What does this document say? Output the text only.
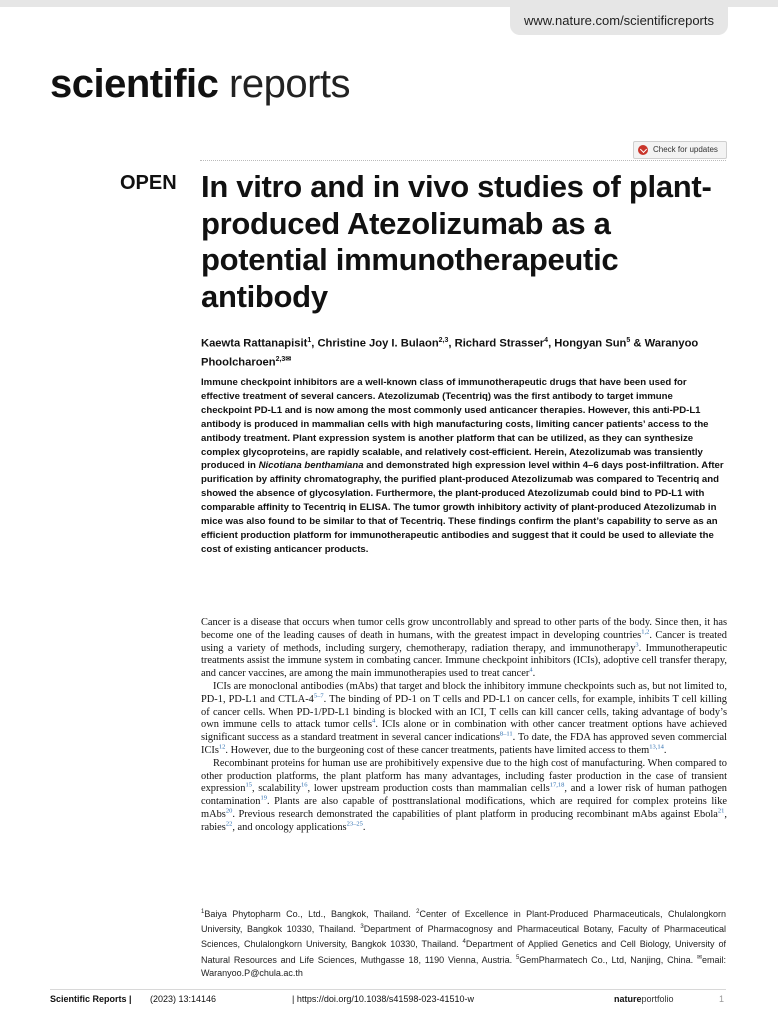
www.nature.com/scientificreports
scientific reports
Check for updates
OPEN In vitro and in vivo studies of plant-produced Atezolizumab as a potential immunotherapeutic antibody

Kaewta Rattanapisit$^1$, Christine Joy I. Bulaon$^{2,3}$, Richard Strasser$^4$, Hongyan Sun$^5$ & Waranyoo Phoolcharoen$^{2,3✉}$

Immune checkpoint inhibitors are a well-known class of immunotherapeutic drugs that have been used for effective treatment of several cancers. Atezolizumab (Tecentriq) was the first antibody to target immune checkpoint PD-L1 and is now among the most commonly used anticancer therapies. However, this anti-PD-L1 antibody is produced in mammalian cells with high manufacturing costs, limiting cancer patients’ access to the antibody treatment. Plant expression system is another platform that can be utilized, as they can synthesize complex glycoproteins, are rapidly scalable, and relatively cost-efficient. Herein, Atezolizumab was transiently produced in Nicotiana benthamiana and demonstrated high expression level within 4–6 days post-infiltration. After purification by affinity chromatography, the purified plant-produced Atezolizumab was compared to Tecentriq and showed the absence of glycosylation. Furthermore, the plant-produced Atezolizumab could bind to PD-L1 with comparable affinity to Tecentriq in ELISA. The tumor growth inhibitory activity of plant-produced Atezolizumab in mice was also found to be similar to that of Tecentriq. These findings confirm the plant’s capability to serve as an efficient production platform for immunotherapeutic antibodies and suggest that it could be used to alleviate the cost of existing anticancer products.

Cancer is a disease that occurs when tumor cells grow uncontrollably and spread to other parts of the body. Since then, it has become one of the leading causes of death in humans, with the greatest impact in developing countries$^{1,2}$. Cancer is treated using a variety of methods, including surgery, chemotherapy, radiation therapy, and immunotherapy$^3$. Immunotherapeutic treatments assist the immune system in combating cancer. Immune checkpoint inhibitors (ICIs), adoptive cell transfer therapy, and cancer vaccines, are among the main immunotherapies used to treat cancer$^4$.

ICIs are monoclonal antibodies (mAbs) that target and block the inhibitory immune checkpoints such as, but not limited to, PD-1, PD-L1 and CTLA-4$^{5-7}$. The binding of PD-1 on T cells and PD-L1 on cancer cells, for example, inhibits T cell killing of cancer cells. When PD-1/PD-L1 binding is blocked with an ICI, T cells can kill cancer cells, taking advantage of body’s own immune cells to attack tumor cells$^4$. ICIs alone or in combination with other cancer treatment options have achieved significant success as a standard treatment in several cancer indications$^{8-11}$. To date, the FDA has approved seven commercial ICIs$^{12}$. However, due to the burgeoning cost of these cancer treatments, patients have limited access to them$^{13,14}$.

Recombinant proteins for human use are prohibitively expensive due to the high cost of manufacturing. When compared to other production platforms, the plant platform has many advantages, including faster production in the case of transient expression$^{15}$, scalability$^{16}$, lower upstream production costs than mammalian cells$^{17,18}$, and a lower risk of human pathogen contamination$^{19}$. Plants are also capable of posttranslational modifications, which are required for complex proteins like mAbs$^{20}$. Previous research demonstrated the capabilities of plant platform in producing recombinant mAbs against Ebola$^{21}$, rabies$^{22}$, and oncology applications$^{23-25}$.

$^1$Baiya Phytopharm Co., Ltd., Bangkok, Thailand. $^2$Center of Excellence in Plant-Produced Pharmaceuticals, Chulalongkorn University, Bangkok 10330, Thailand. $^3$Department of Pharmacognosy and Pharmaceutical Botany, Faculty of Pharmaceutical Sciences, Chulalongkorn University, Bangkok 10330, Thailand. $^4$Department of Applied Genetics and Cell Biology, University of Natural Resources and Life Sciences, Muthgasse 18, 1190 Vienna, Austria. $^5$GemPharmatech Co., Ltd, Nanjing, China. ✉email: Waranyoo.P@chula.ac.th

Scientific Reports | (2023) 13:14146	| https://doi.org/10.1038/s41598-023-41510-w	natureportfolio	1
